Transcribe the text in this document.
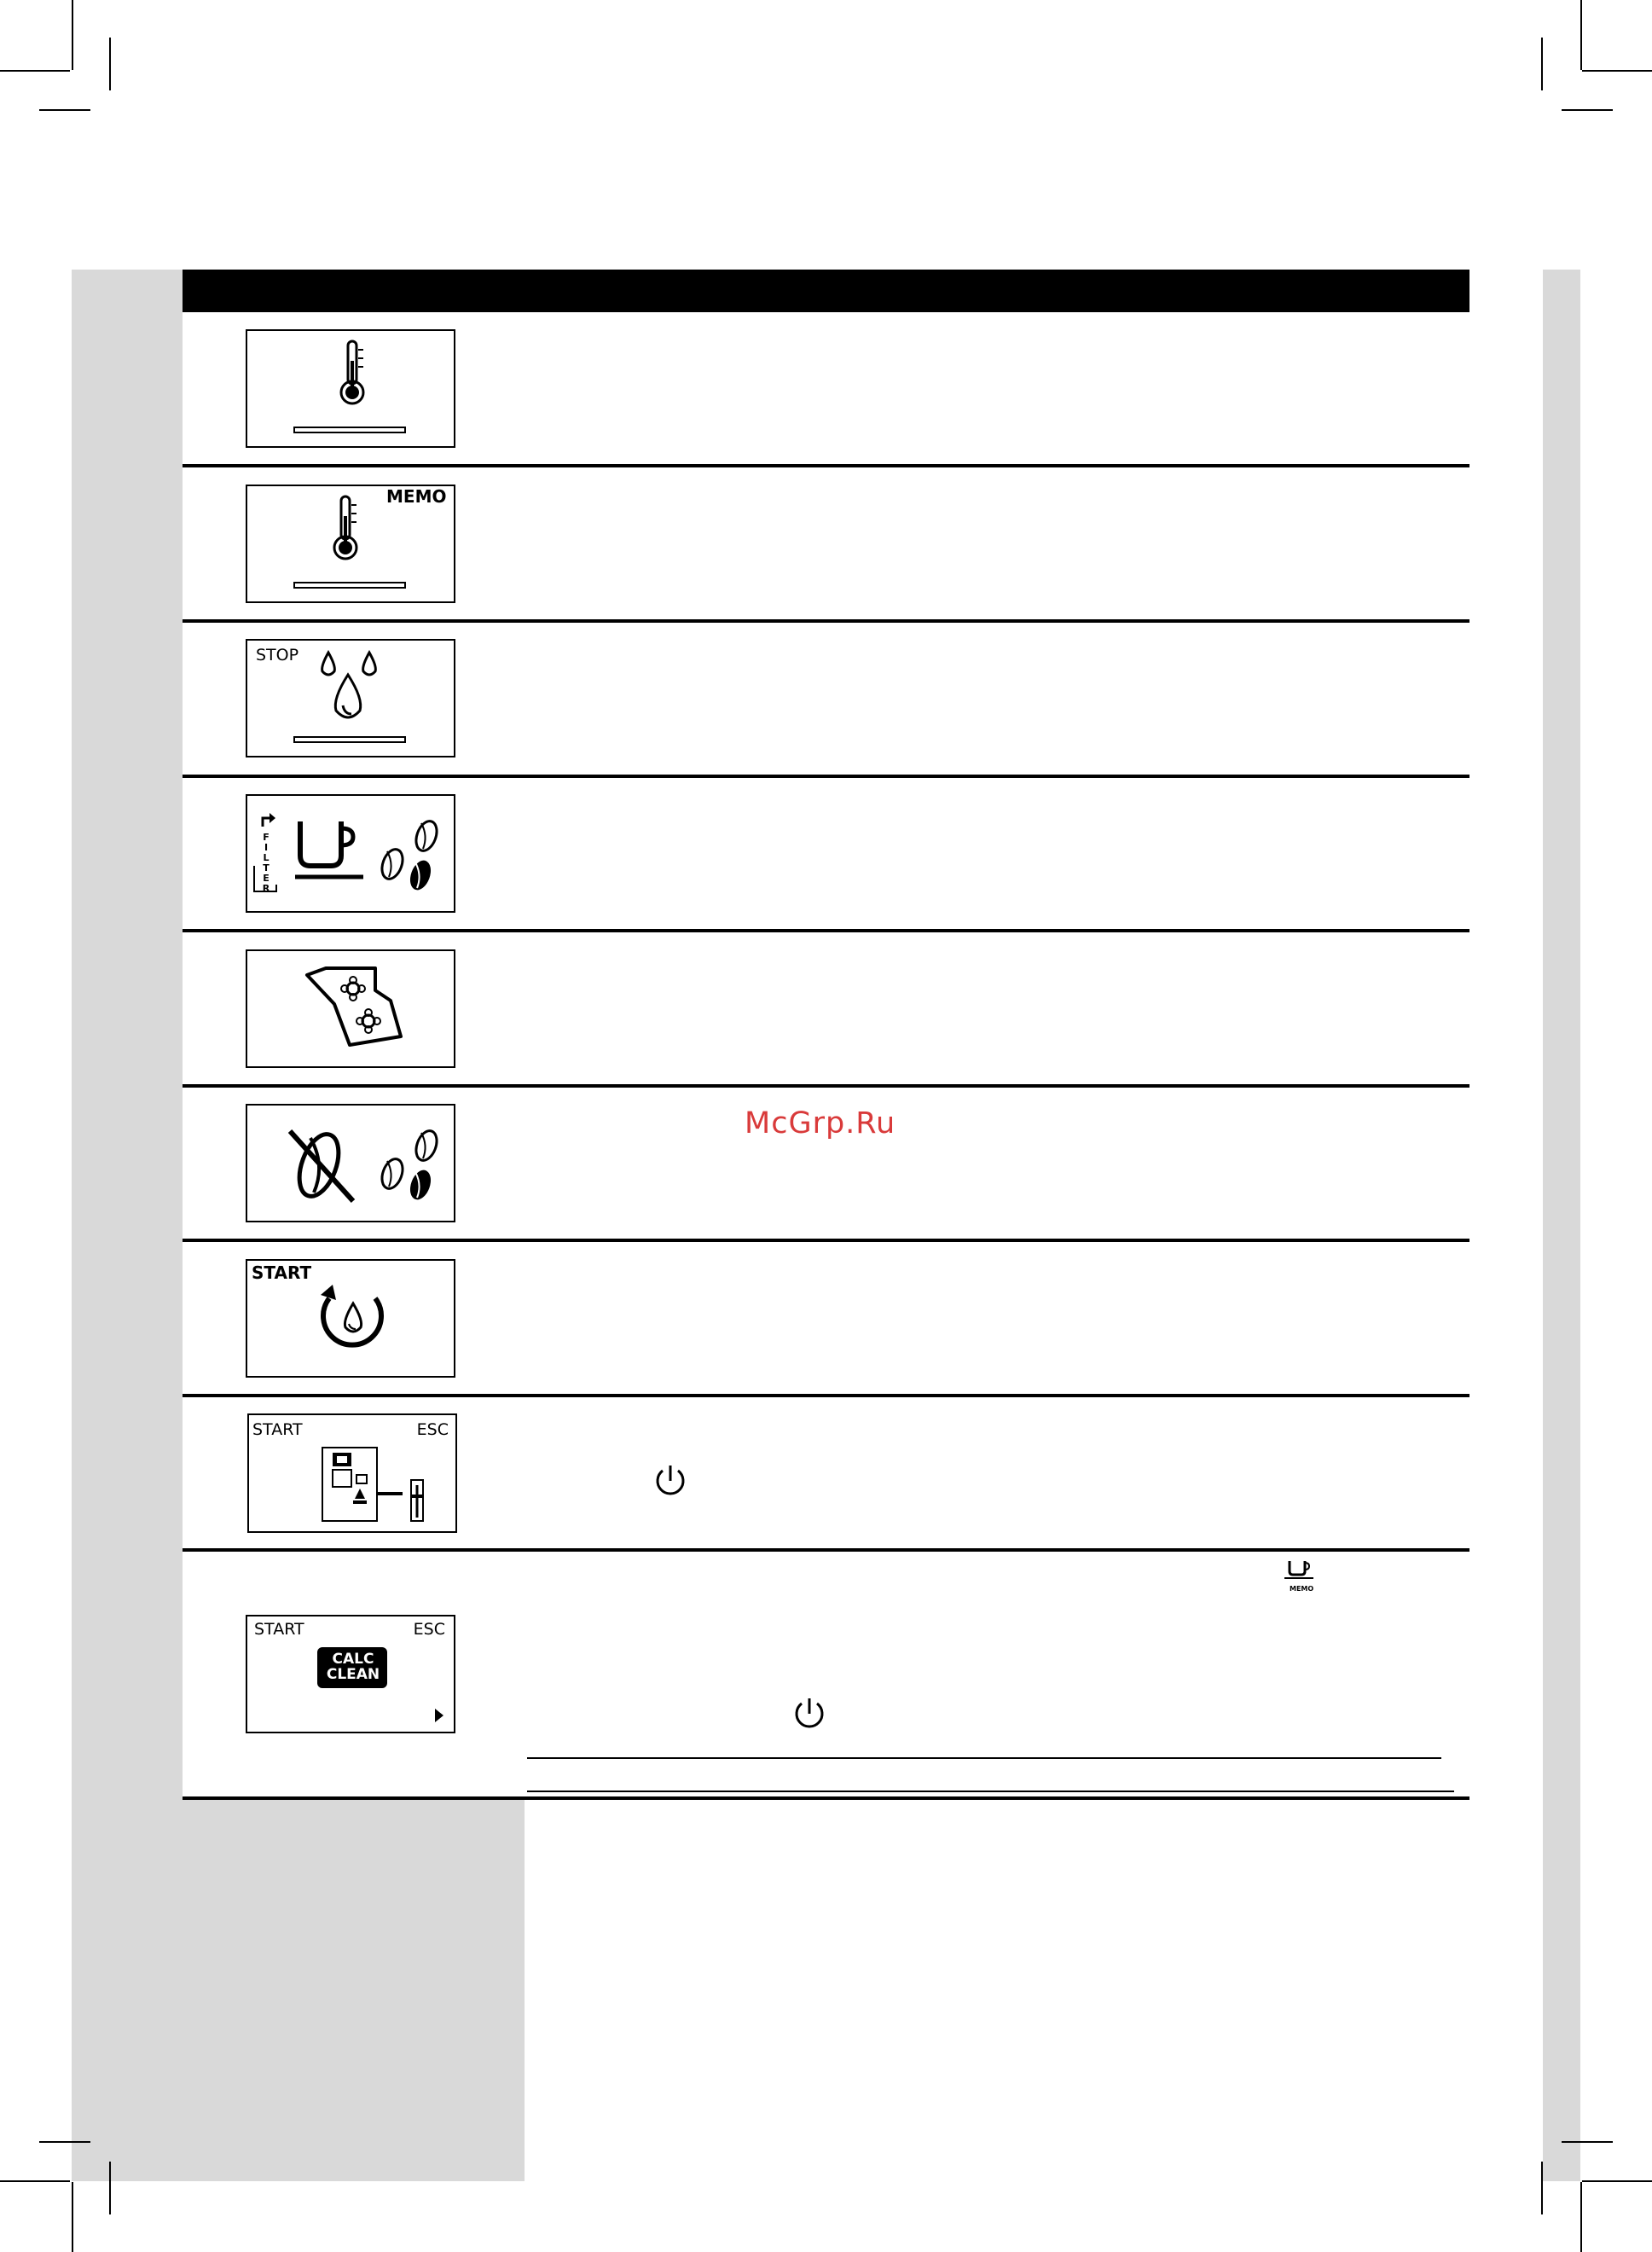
MEMO
STOP
F
I
L
T
E
R
McGrp.Ru
START
START	ESC
START	ESC
CALC
CLEAN
MEMO
